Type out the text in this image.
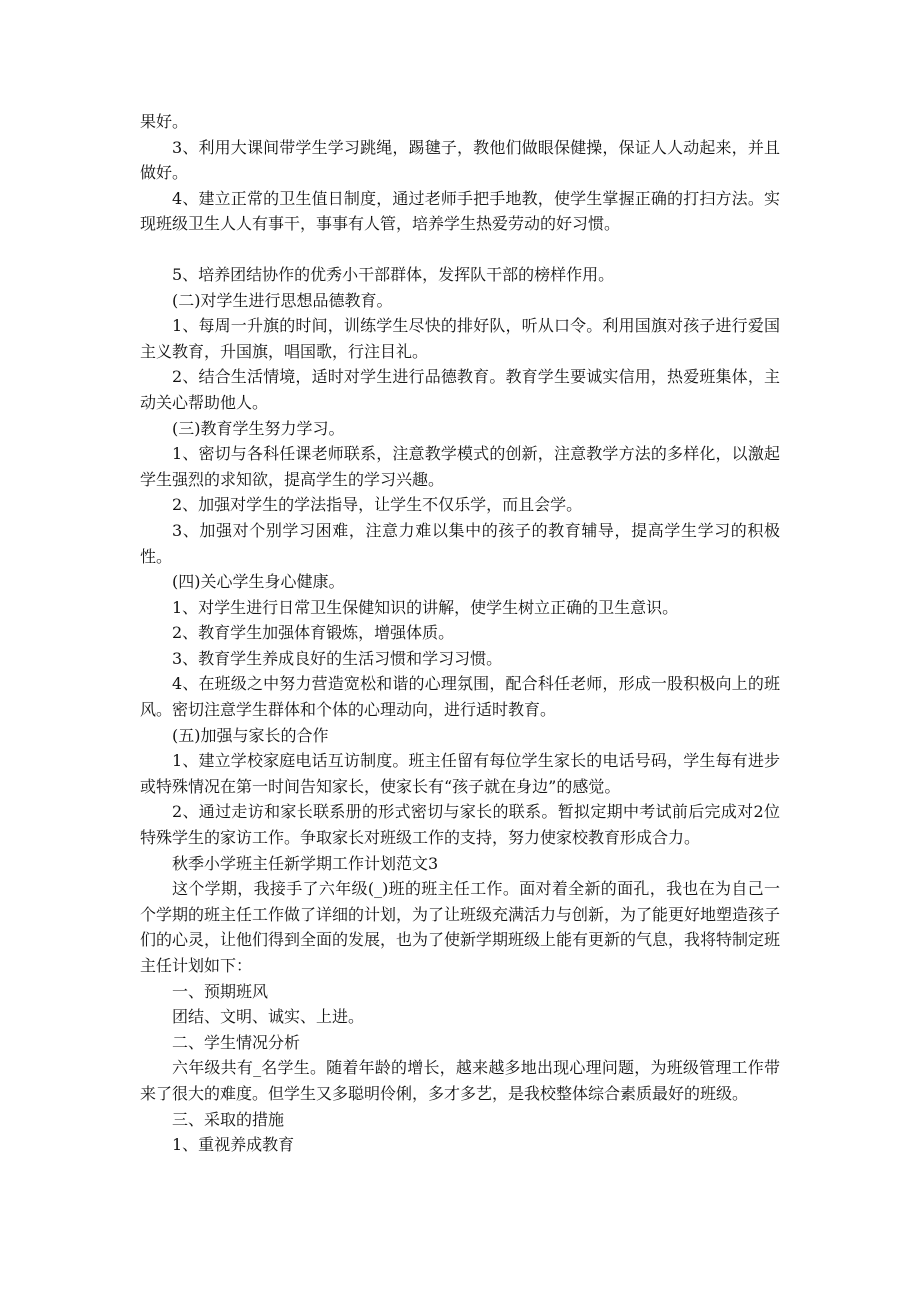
果好。

3、利用大课间带学生学习跳绳，踢毽子，教他们做眼保健操，保证人人动起来，并且做好。

4、建立正常的卫生值日制度，通过老师手把手地教，使学生掌握正确的打扫方法。实现班级卫生人人有事干，事事有人管，培养学生热爱劳动的好习惯。

5、培养团结协作的优秀小干部群体，发挥队干部的榜样作用。

(二)对学生进行思想品德教育。

1、每周一升旗的时间，训练学生尽快的排好队，听从口令。利用国旗对孩子进行爱国主义教育，升国旗，唱国歌，行注目礼。

2、结合生活情境，适时对学生进行品德教育。教育学生要诚实信用，热爱班集体，主动关心帮助他人。

(三)教育学生努力学习。

1、密切与各科任课老师联系，注意教学模式的创新，注意教学方法的多样化，以激起学生强烈的求知欲，提高学生的学习兴趣。

2、加强对学生的学法指导，让学生不仅乐学，而且会学。

3、加强对个别学习困难，注意力难以集中的孩子的教育辅导，提高学生学习的积极性。

(四)关心学生身心健康。

1、对学生进行日常卫生保健知识的讲解，使学生树立正确的卫生意识。

2、教育学生加强体育锻炼，增强体质。

3、教育学生养成良好的生活习惯和学习习惯。

4、在班级之中努力营造宽松和谐的心理氛围，配合科任老师，形成一股积极向上的班风。密切注意学生群体和个体的心理动向，进行适时教育。

(五)加强与家长的合作

1、建立学校家庭电话互访制度。班主任留有每位学生家长的电话号码，学生每有进步或特殊情况在第一时间告知家长，使家长有“孩子就在身边”的感觉。

2、通过走访和家长联系册的形式密切与家长的联系。暂拟定期中考试前后完成对2位特殊学生的家访工作。争取家长对班级工作的支持，努力使家校教育形成合力。

秋季小学班主任新学期工作计划范文3

这个学期，我接手了六年级(_)班的班主任工作。面对着全新的面孔，我也在为自己一个学期的班主任工作做了详细的计划，为了让班级充满活力与创新，为了能更好地塑造孩子们的心灵，让他们得到全面的发展，也为了使新学期班级上能有更新的气息，我将特制定班主任计划如下：

一、预期班风

团结、文明、诚实、上进。

二、学生情况分析

六年级共有_名学生。随着年龄的增长，越来越多地出现心理问题，为班级管理工作带来了很大的难度。但学生又多聪明伶俐，多才多艺，是我校整体综合素质最好的班级。

三、采取的措施

1、重视养成教育
